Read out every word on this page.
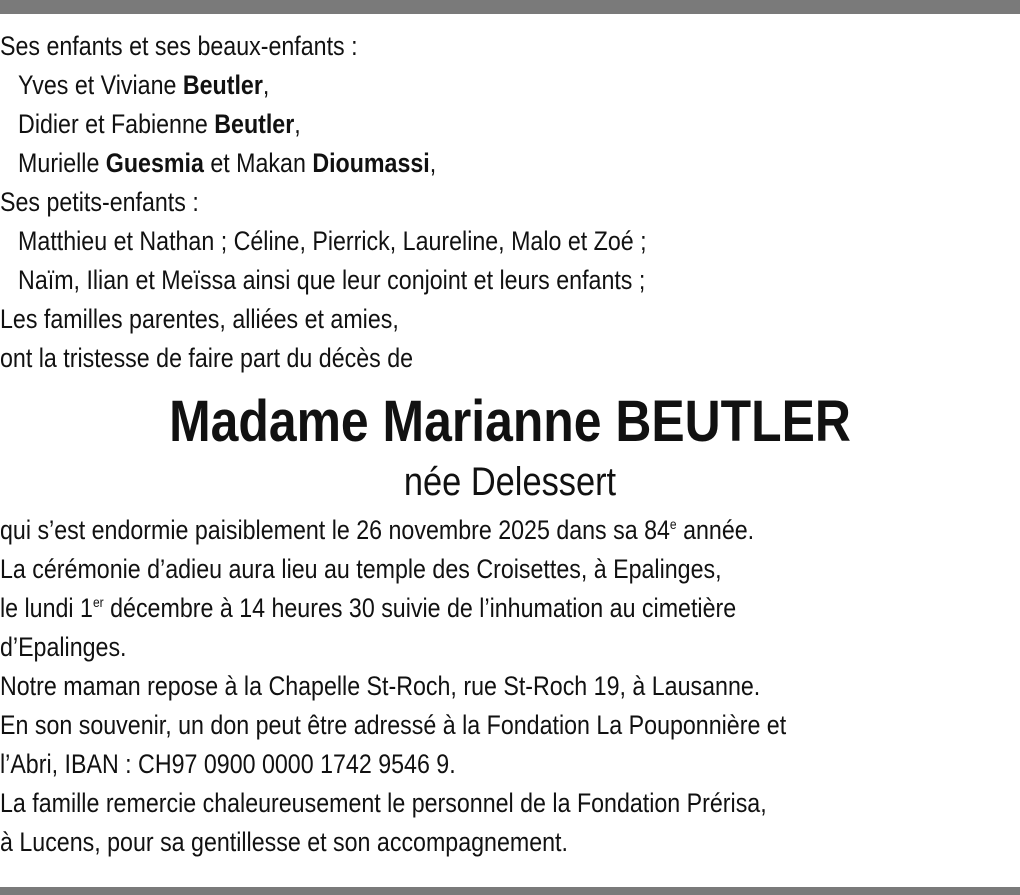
Ses enfants et ses beaux-enfants :
Yves et Viviane Beutler,
Didier et Fabienne Beutler,
Murielle Guesmia et Makan Dioumassi,
Ses petits-enfants :
Matthieu et Nathan ; Céline, Pierrick, Laureline, Malo et Zoé ;
Naïm, Ilian et Meïssa ainsi que leur conjoint et leurs enfants ;
Les familles parentes, alliées et amies,
ont la tristesse de faire part du décès de
Madame Marianne BEUTLER
née Delessert
qui s’est endormie paisiblement le 26 novembre 2025 dans sa 84e année.
La cérémonie d’adieu aura lieu au temple des Croisettes, à Epalinges,
le lundi 1er décembre à 14 heures 30 suivie de l’inhumation au cimetière
d’Epalinges.
Notre maman repose à la Chapelle St-Roch, rue St-Roch 19, à Lausanne.
En son souvenir, un don peut être adressé à la Fondation La Pouponnière et
l’Abri, IBAN : CH97 0900 0000 1742 9546 9.
La famille remercie chaleureusement le personnel de la Fondation Prérisa,
à Lucens, pour sa gentillesse et son accompagnement.
